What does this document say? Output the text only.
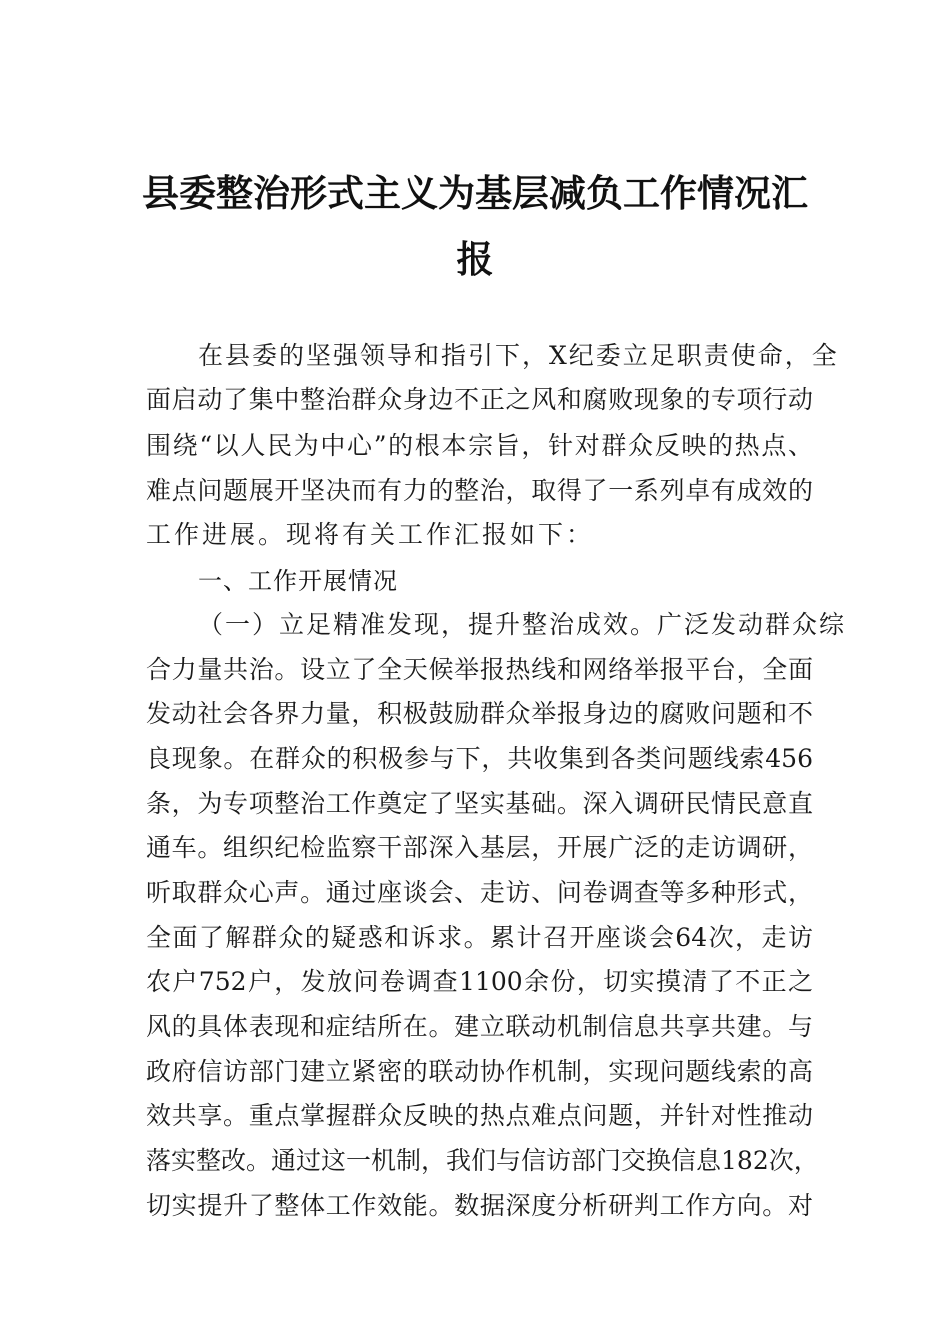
县委整治形式主义为基层减负工作情况汇
报
在县委的坚强领导和指引下，X纪委立足职责使命，全
面启动了集中整治群众身边不正之风和腐败现象的专项行动
围绕“以人民为中心”的根本宗旨，针对群众反映的热点、
难点问题展开坚决而有力的整治，取得了一系列卓有成效的
工作进展。现将有关工作汇报如下：
一、工作开展情况
（一）立足精准发现，提升整治成效。广泛发动群众综
合力量共治。设立了全天候举报热线和网络举报平台，全面
发动社会各界力量，积极鼓励群众举报身边的腐败问题和不
良现象。在群众的积极参与下，共收集到各类问题线索456
条，为专项整治工作奠定了坚实基础。深入调研民情民意直
通车。组织纪检监察干部深入基层，开展广泛的走访调研，
听取群众心声。通过座谈会、走访、问卷调查等多种形式，
全面了解群众的疑惑和诉求。累计召开座谈会64次，走访
农户752户，发放问卷调查1100余份，切实摸清了不正之
风的具体表现和症结所在。建立联动机制信息共享共建。与
政府信访部门建立紧密的联动协作机制，实现问题线索的高
效共享。重点掌握群众反映的热点难点问题，并针对性推动
落实整改。通过这一机制，我们与信访部门交换信息182次，
切实提升了整体工作效能。数据深度分析研判工作方向。对
